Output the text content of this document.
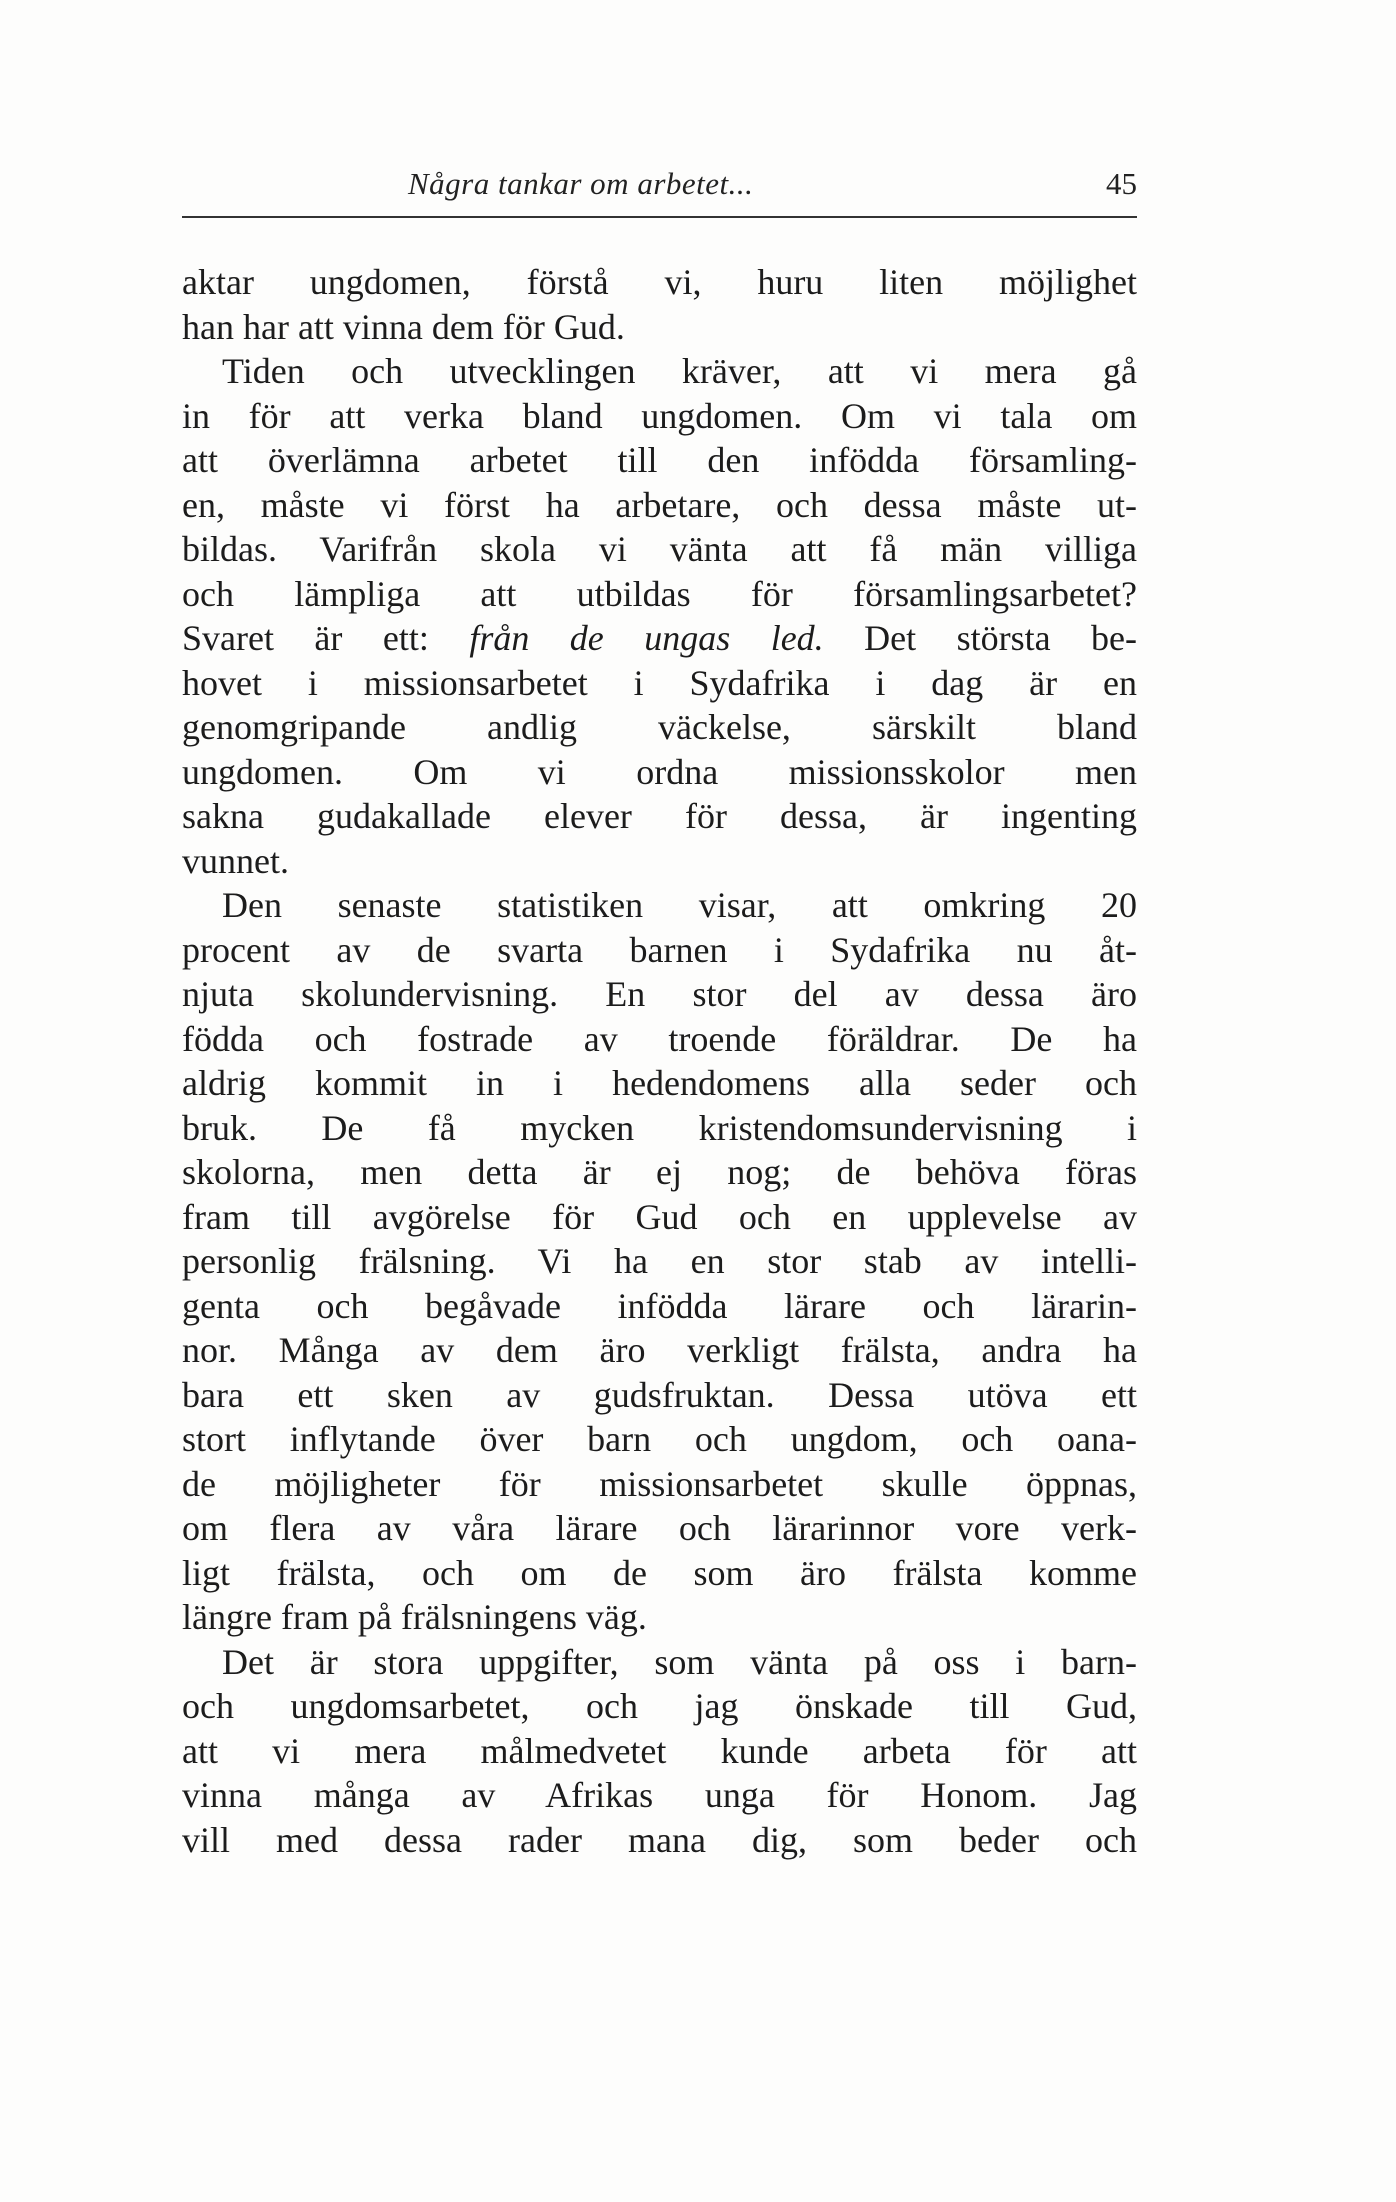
Några tankar om arbetet...	45
aktar ungdomen, förstå vi, huru liten möjlighet
han har att vinna dem för Gud.
Tiden och utvecklingen kräver, att vi mera gå
in för att verka bland ungdomen. Om vi tala om
att överlämna arbetet till den infödda församling-
en, måste vi först ha arbetare, och dessa måste ut-
bildas. Varifrån skola vi vänta att få män villiga
och lämpliga att utbildas för församlingsarbetet?
Svaret är ett: från de ungas led. Det största be-
hovet i missionsarbetet i Sydafrika i dag är en
genomgripande andlig väckelse, särskilt bland
ungdomen. Om vi ordna missionsskolor men
sakna gudakallade elever för dessa, är ingenting
vunnet.
Den senaste statistiken visar, att omkring 20
procent av de svarta barnen i Sydafrika nu åt-
njuta skolundervisning. En stor del av dessa äro
födda och fostrade av troende föräldrar. De ha
aldrig kommit in i hedendomens alla seder och
bruk. De få mycken kristendomsundervisning i
skolorna, men detta är ej nog; de behöva föras
fram till avgörelse för Gud och en upplevelse av
personlig frälsning. Vi ha en stor stab av intelli-
genta och begåvade infödda lärare och lärarin-
nor. Många av dem äro verkligt frälsta, andra ha
bara ett sken av gudsfruktan. Dessa utöva ett
stort inflytande över barn och ungdom, och oana-
de möjligheter för missionsarbetet skulle öppnas,
om flera av våra lärare och lärarinnor vore verk-
ligt frälsta, och om de som äro frälsta komme
längre fram på frälsningens väg.
Det är stora uppgifter, som vänta på oss i barn-
och ungdomsarbetet, och jag önskade till Gud,
att vi mera målmedvetet kunde arbeta för att
vinna många av Afrikas unga för Honom. Jag
vill med dessa rader mana dig, som beder och
